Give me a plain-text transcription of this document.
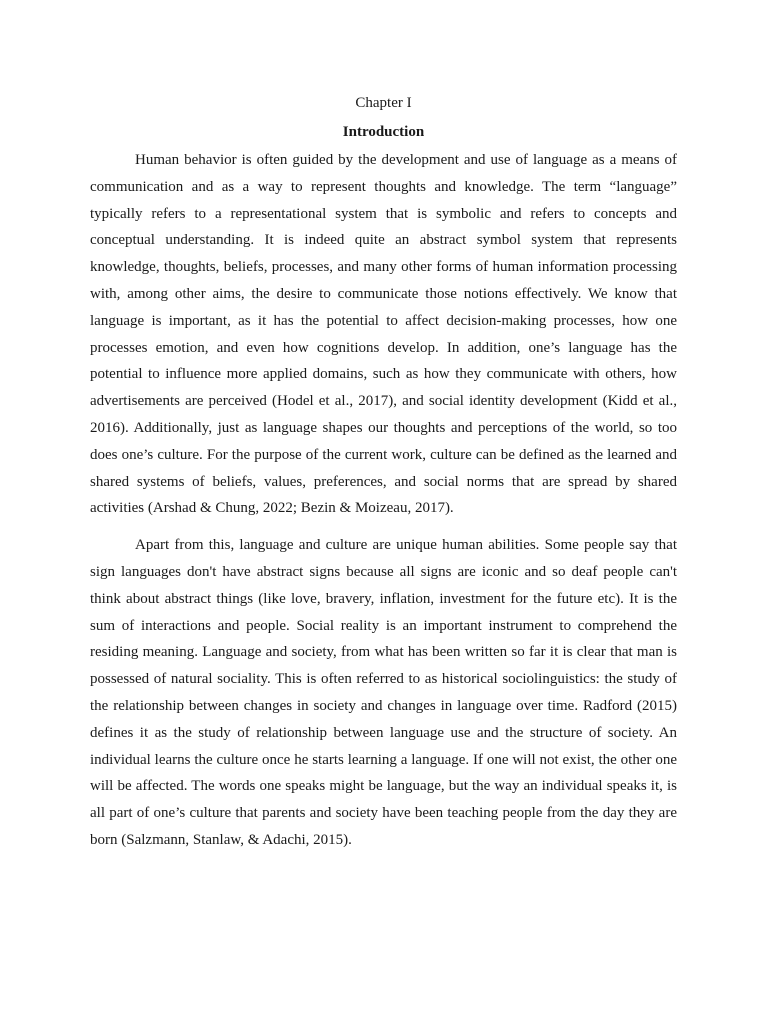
Chapter I

Introduction

Human behavior is often guided by the development and use of language as a means of communication and as a way to represent thoughts and knowledge. The term “language” typically refers to a representational system that is symbolic and refers to concepts and conceptual understanding. It is indeed quite an abstract symbol system that represents knowledge, thoughts, beliefs, processes, and many other forms of human information processing with, among other aims, the desire to communicate those notions effectively. We know that language is important, as it has the potential to affect decision-making processes, how one processes emotion, and even how cognitions develop. In addition, one’s language has the potential to influence more applied domains, such as how they communicate with others, how advertisements are perceived (Hodel et al., 2017), and social identity development (Kidd et al., 2016). Additionally, just as language shapes our thoughts and perceptions of the world, so too does one’s culture. For the purpose of the current work, culture can be defined as the learned and shared systems of beliefs, values, preferences, and social norms that are spread by shared activities (Arshad & Chung, 2022; Bezin & Moizeau, 2017).

Apart from this, language and culture are unique human abilities. Some people say that sign languages don't have abstract signs because all signs are iconic and so deaf people can't think about abstract things (like love, bravery, inflation, investment for the future etc). It is the sum of interactions and people. Social reality is an important instrument to comprehend the residing meaning. Language and society, from what has been written so far it is clear that man is possessed of natural sociality. This is often referred to as historical sociolinguistics: the study of the relationship between changes in society and changes in language over time. Radford (2015) defines it as the study of relationship between language use and the structure of society. An individual learns the culture once he starts learning a language. If one will not exist, the other one will be affected. The words one speaks might be language, but the way an individual speaks it, is all part of one’s culture that parents and society have been teaching people from the day they are born (Salzmann, Stanlaw, & Adachi, 2015).
